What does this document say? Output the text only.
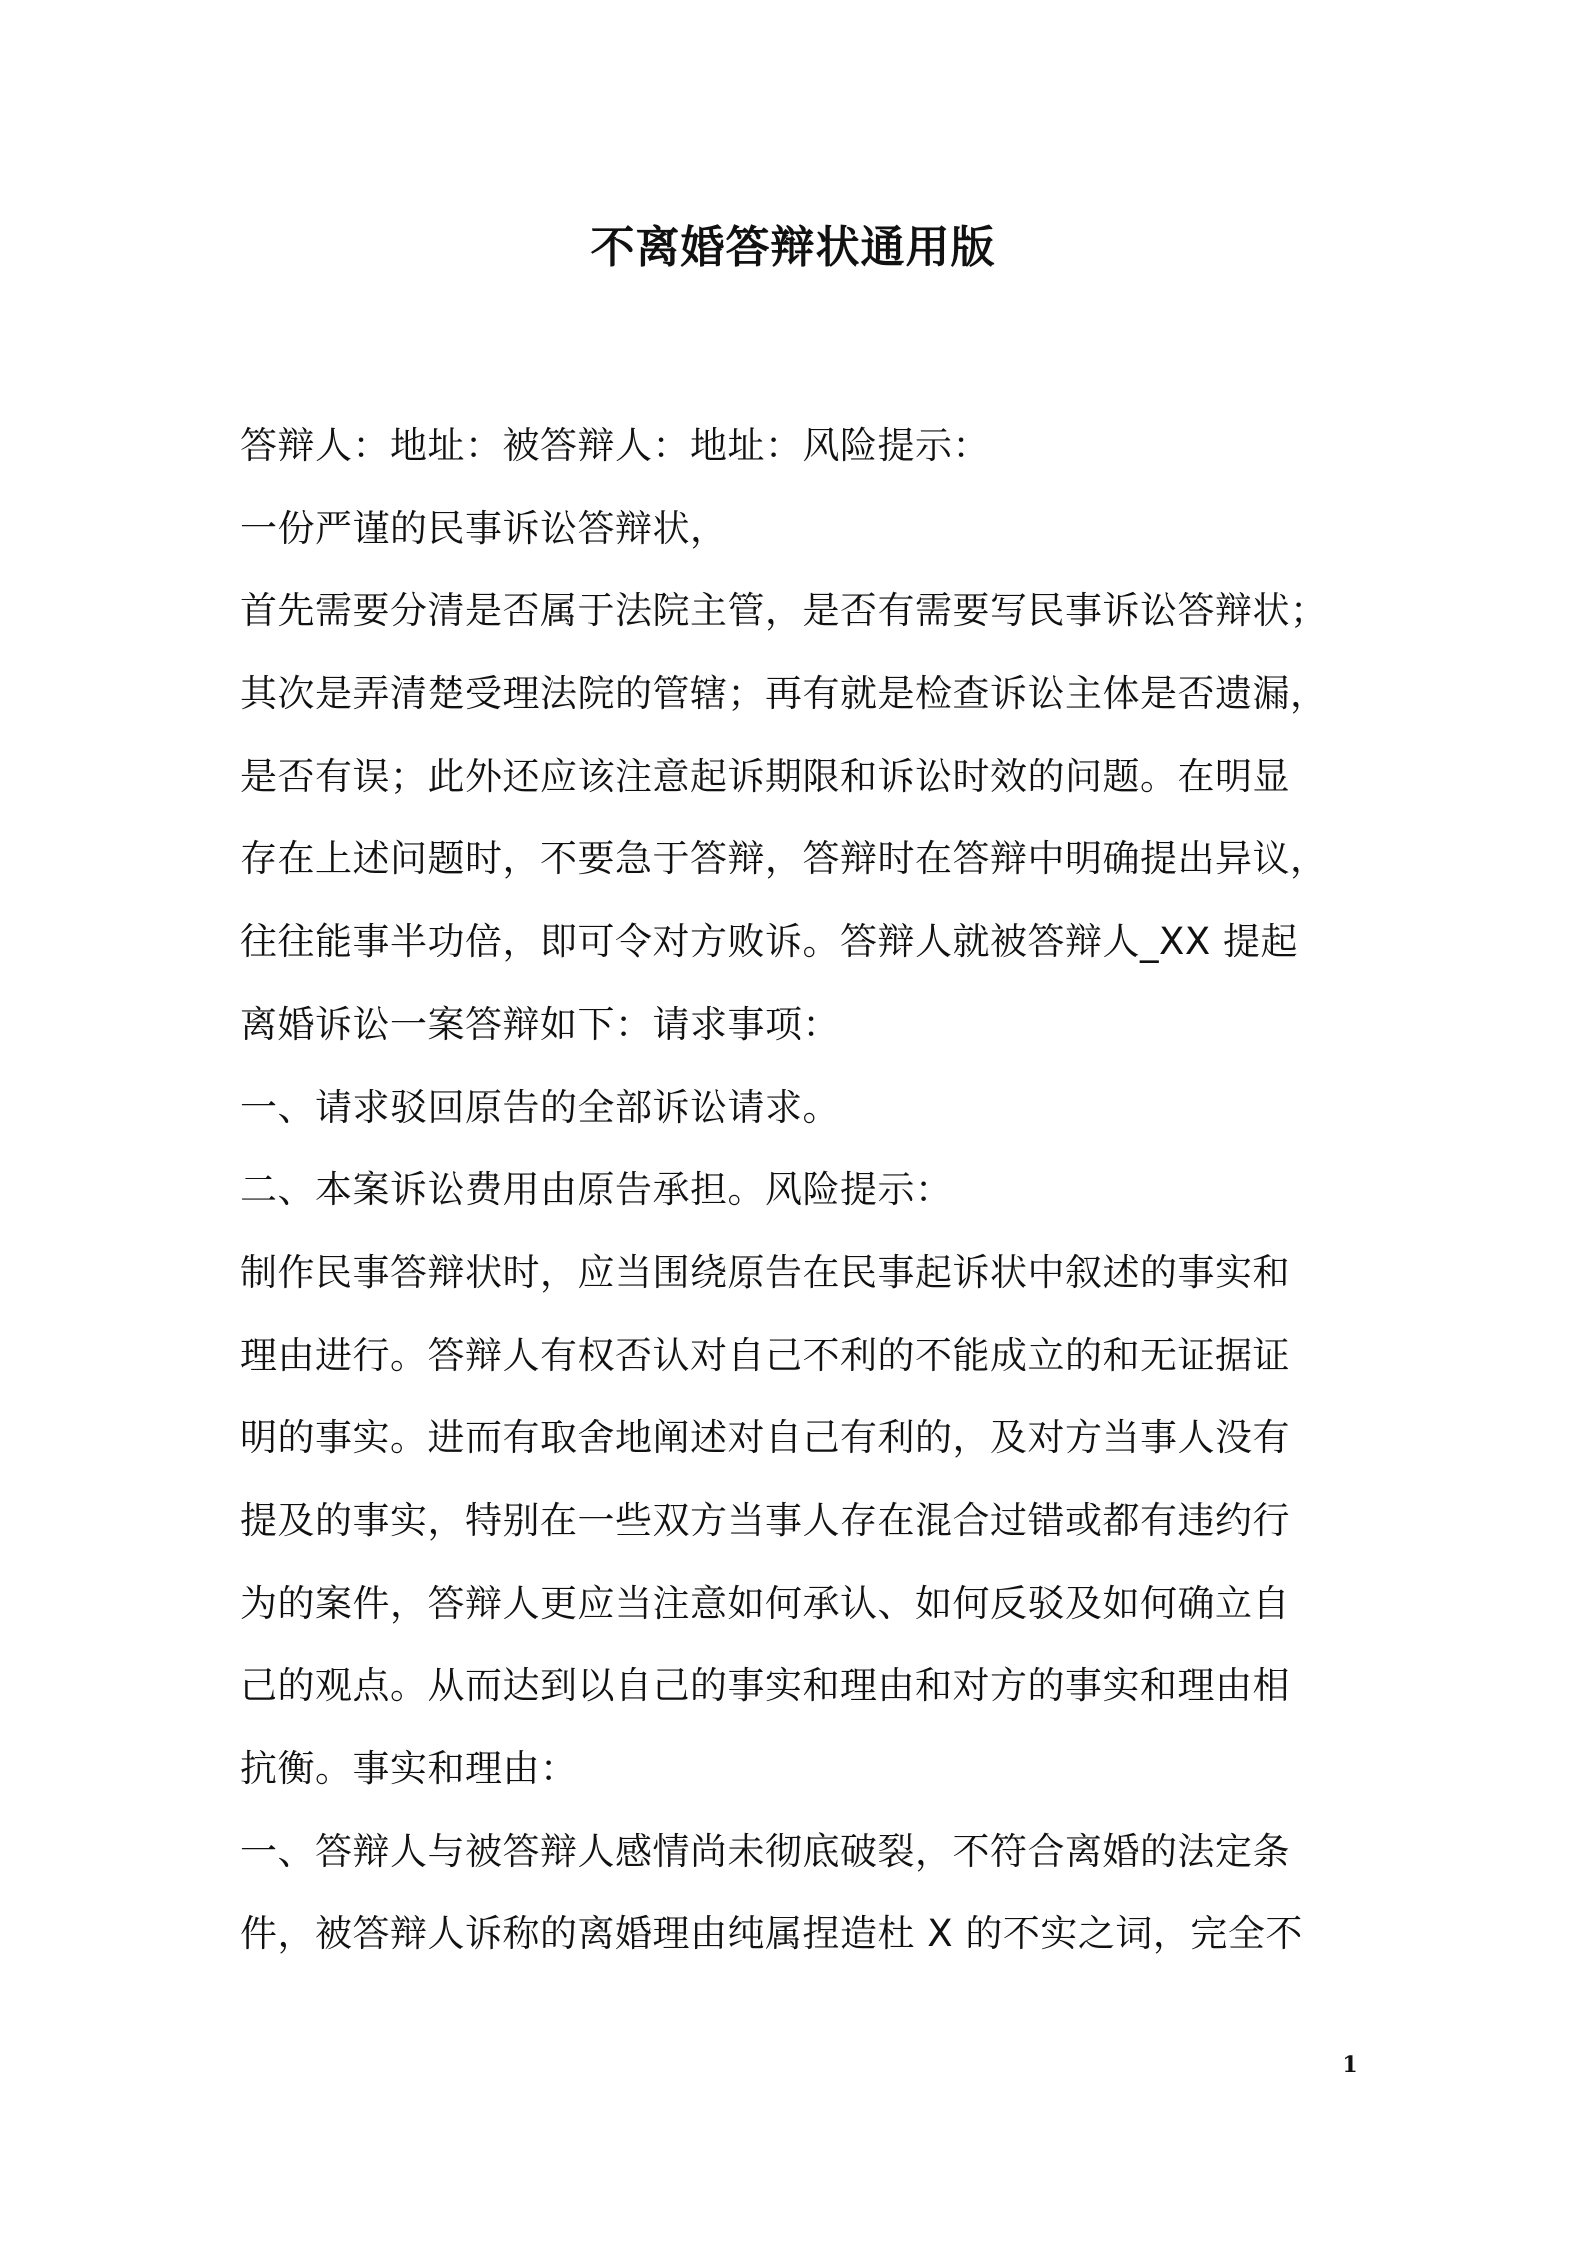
不离婚答辩状通用版
答辩人：地址：被答辩人：地址：风险提示：
一份严谨的民事诉讼答辩状，
首先需要分清是否属于法院主管，是否有需要写民事诉讼答辩状；
其次是弄清楚受理法院的管辖；再有就是检查诉讼主体是否遗漏，
是否有误；此外还应该注意起诉期限和诉讼时效的问题。在明显
存在上述问题时，不要急于答辩，答辩时在答辩中明确提出异议，
往往能事半功倍，即可令对方败诉。答辩人就被答辩人_XX 提起
离婚诉讼一案答辩如下：请求事项：
一、请求驳回原告的全部诉讼请求。
二、本案诉讼费用由原告承担。风险提示：
制作民事答辩状时，应当围绕原告在民事起诉状中叙述的事实和
理由进行。答辩人有权否认对自己不利的不能成立的和无证据证
明的事实。进而有取舍地阐述对自己有利的，及对方当事人没有
提及的事实，特别在一些双方当事人存在混合过错或都有违约行
为的案件，答辩人更应当注意如何承认、如何反驳及如何确立自
己的观点。从而达到以自己的事实和理由和对方的事实和理由相
抗衡。事实和理由：
一、答辩人与被答辩人感情尚未彻底破裂，不符合离婚的法定条
件，被答辩人诉称的离婚理由纯属捏造杜 X 的不实之词，完全不
1
